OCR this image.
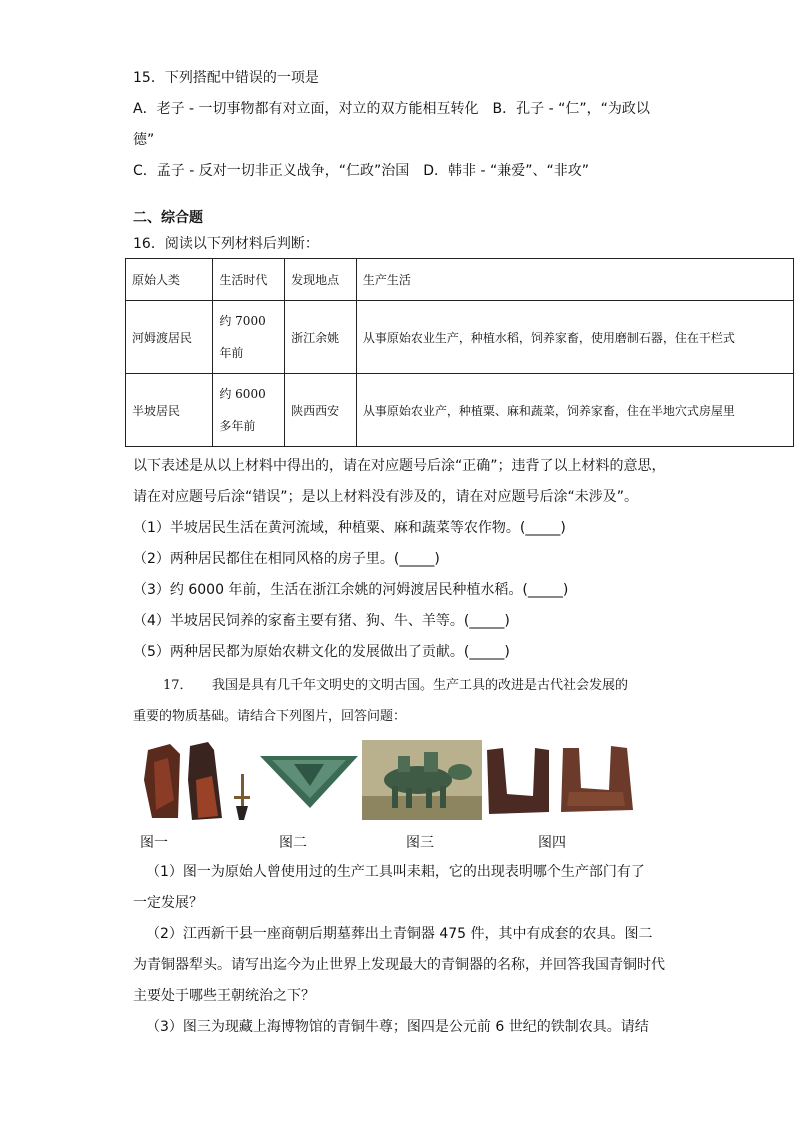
15．下列搭配中错误的一项是
A．老子 - 一切事物都有对立面，对立的双方能相互转化　B．孔子 - “仁”，“为政以
德”
C．孟子 - 反对一切非正义战争，“仁政”治国　D．韩非 - “兼爱”、“非攻”
二、综合题
16．阅读以下列材料后判断：
原始人类	生活时代	发现地点	生产生活
河姆渡居民	约 7000 年前	浙江余姚	从事原始农业生产，种植水稻，饲养家畜，使用磨制石器，住在干栏式
半坡居民	约 6000 多年前	陕西西安	从事原始农业产，种植粟、麻和蔬菜，饲养家畜，住在半地穴式房屋里
以下表述是从以上材料中得出的，请在对应题号后涂“正确”；违背了以上材料的意思，
请在对应题号后涂“错误”；是以上材料没有涉及的，请在对应题号后涂“未涉及”。
（1）半坡居民生活在黄河流域，种植粟、麻和蔬菜等农作物。(_____)
（2）两种居民都住在相同风格的房子里。(_____)
（3）约 6000 年前，生活在浙江余姚的河姆渡居民种植水稻。(_____)
（4）半坡居民饲养的家畜主要有猪、狗、牛、羊等。(_____)
（5）两种居民都为原始农耕文化的发展做出了贡献。(_____)
17．　　我国是具有几千年文明史的文明古国。生产工具的改进是古代社会发展的
重要的物质基础。请结合下列图片，回答问题：
图一	图二	图三	图四
（1）图一为原始人曾使用过的生产工具叫耒耜，它的出现表明哪个生产部门有了
一定发展？
（2）江西新干县一座商朝后期墓葬出土青铜器 475 件，其中有成套的农具。图二
为青铜器犁头。请写出迄今为止世界上发现最大的青铜器的名称，并回答我国青铜时代
主要处于哪些王朝统治之下？
（3）图三为现藏上海博物馆的青铜牛尊；图四是公元前 6 世纪的铁制农具。请结
